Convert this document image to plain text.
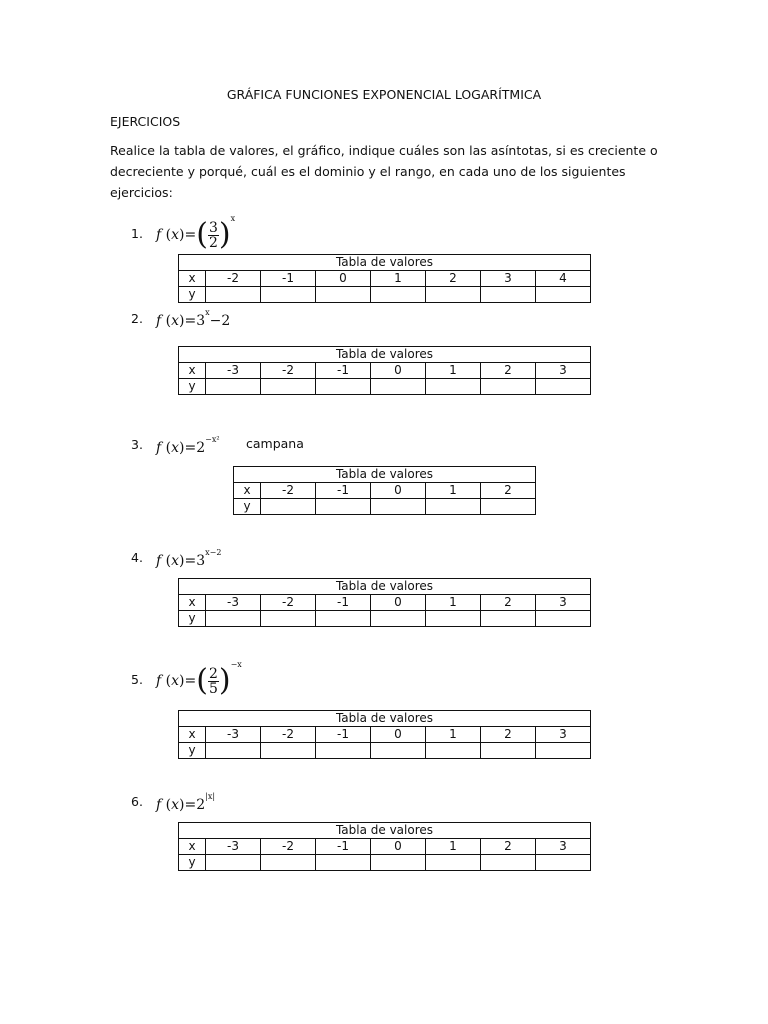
GRÁFICA FUNCIONES EXPONENCIAL LOGARÍTMICA
EJERCICIOS
Realice la tabla de valores, el gráfico, indique cuáles son las asíntotas, si es creciente o decreciente y porqué, cuál es el dominio y el rango, en cada uno de los siguientes ejercicios:
1. f $(x)=( \frac{3}{2} )^x$
Tabla de valores							
x	-2	-1	0	1	2	3	4
y							
2. f $(x)=3^x-2$
Tabla de valores							
x	-3	-2	-1	0	1	2	3
y							
3. f $(x)=2^{-x^2}$ campana
Tabla de valores					
x	-2	-1	0	1	2
y					
4. f $(x)=3^{x-2}$
Tabla de valores							
x	-3	-2	-1	0	1	2	3
y							
5. f $(x)=( \frac{2}{5} )^{-x}$
Tabla de valores							
x	-3	-2	-1	0	1	2	3
y							
6. f $(x)=2^{|x|}$
Tabla de valores							
x	-3	-2	-1	0	1	2	3
y							
